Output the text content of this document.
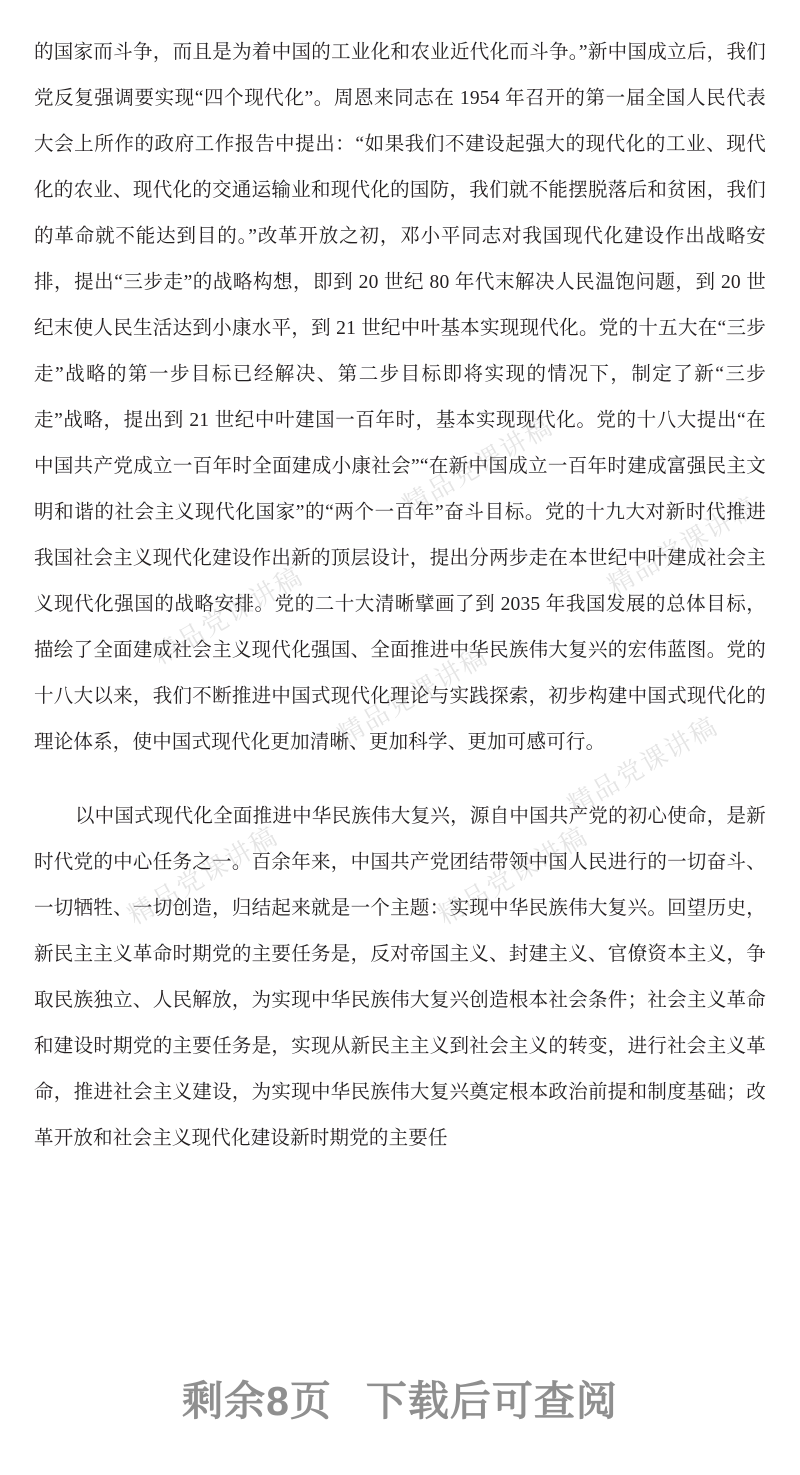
的国家而斗争，而且是为着中国的工业化和农业近代化而斗争。”新中国成立后，我们党反复强调要实现“四个现代化”。周恩来同志在 1954 年召开的第一届全国人民代表大会上所作的政府工作报告中提出：“如果我们不建设起强大的现代化的工业、现代化的农业、现代化的交通运输业和现代化的国防，我们就不能摆脱落后和贫困，我们的革命就不能达到目的。”改革开放之初，邓小平同志对我国现代化建设作出战略安排，提出“三步走”的战略构想，即到 20 世纪 80 年代末解决人民温饱问题，到 20 世纪末使人民生活达到小康水平，到 21 世纪中叶基本实现现代化。党的十五大在“三步走”战略的第一步目标已经解决、第二步目标即将实现的情况下，制定了新“三步走”战略，提出到 21 世纪中叶建国一百年时，基本实现现代化。党的十八大提出“在中国共产党成立一百年时全面建成小康社会”“在新中国成立一百年时建成富强民主文明和谐的社会主义现代化国家”的“两个一百年”奋斗目标。党的十九大对新时代推进我国社会主义现代化建设作出新的顶层设计，提出分两步走在本世纪中叶建成社会主义现代化强国的战略安排。党的二十大清晰擘画了到 2035 年我国发展的总体目标，描绘了全面建成社会主义现代化强国、全面推进中华民族伟大复兴的宏伟蓝图。党的十八大以来，我们不断推进中国式现代化理论与实践探索，初步构建中国式现代化的理论体系，使中国式现代化更加清晰、更加科学、更加可感可行。

以中国式现代化全面推进中华民族伟大复兴，源自中国共产党的初心使命，是新时代党的中心任务之一。百余年来，中国共产党团结带领中国人民进行的一切奋斗、一切牺牲、一切创造，归结起来就是一个主题：实现中华民族伟大复兴。回望历史，新民主主义革命时期党的主要任务是，反对帝国主义、封建主义、官僚资本主义，争取民族独立、人民解放，为实现中华民族伟大复兴创造根本社会条件；社会主义革命和建设时期党的主要任务是，实现从新民主主义到社会主义的转变，进行社会主义革命，推进社会主义建设，为实现中华民族伟大复兴奠定根本政治前提和制度基础；改革开放和社会主义现代化建设新时期党的主要任

精品党课讲稿
精品党课讲稿
精品党课讲稿
精品党课讲稿
精品党课讲稿
精品党课讲稿
精品党课讲稿
剩余8页 下载后可查阅
